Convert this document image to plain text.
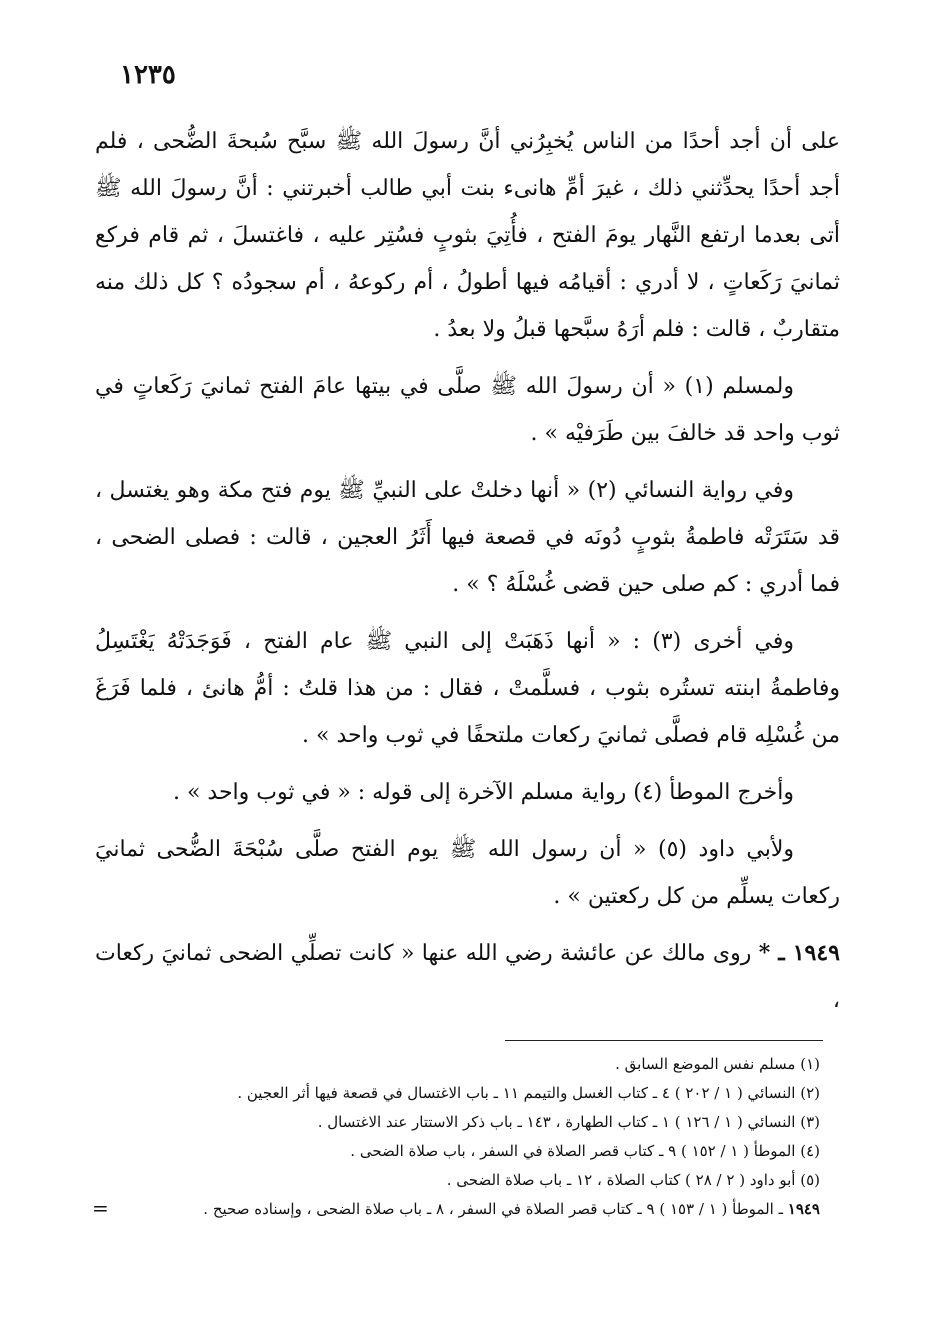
١٢٣٥

على أن أجد أحدًا من الناس يُخبِرُني أنَّ رسولَ الله ﷺ سبَّح سُبحةَ الضُّحى ، فلم أجد أحدًا يحدِّثني ذلك ، غيرَ أمِّ هانىء بنت أبي طالب أخبرتني : أنَّ رسولَ الله ﷺ أتى بعدما ارتفع النَّهار يومَ الفتح ، فأُتِيَ بثوبٍ فسُتِر عليه ، فاغتسلَ ، ثم قام فركع ثمانيَ رَكَعاتٍ ، لا أدري : أقيامُه فيها أطولُ ، أم ركوعهُ ، أم سجودُه ؟ كل ذلك منه متقاربٌ ، قالت : فلم أرَهُ سبَّحها قبلُ ولا بعدُ .

ولمسلم (١) « أن رسولَ الله ﷺ صلَّى في بيتها عامَ الفتح ثمانيَ رَكَعاتٍ في ثوب واحد قد خالفَ بين طَرَفيْه » .

وفي رواية النسائي (٢) « أنها دخلتْ على النبيِّ ﷺ يوم فتح مكة وهو يغتسل ، قد سَتَرَتْه فاطمةُ بثوبٍ دُونَه في قصعة فيها أَثَرُ العجين ، قالت : فصلى الضحى ، فما أدري : كم صلى حين قضى غُسْلَهُ ؟ » .

وفي أخرى (٣) : « أنها ذَهَبَتْ إلى النبي ﷺ عام الفتح ، فَوَجَدَتْهُ يَغْتَسِلُ وفاطمةُ ابنته تستُره بثوب ، فسلَّمتْ ، فقال : من هذا قلتُ : أمُّ هانئ ، فلما فَرَغَ من غُسْلِه قام فصلَّى ثمانيَ ركعات ملتحفًا في ثوب واحد » .

وأخرج الموطأ (٤) رواية مسلم الآخرة إلى قوله : « في ثوب واحد » .

ولأبي داود (٥) « أن رسول الله ﷺ يوم الفتح صلَّى سُبْحَةَ الضُّحى ثمانيَ ركعات يسلِّم من كل ركعتين » .

١٩٤٩ ـ * روى مالك عن عائشة رضي الله عنها « كانت تصلِّي الضحى ثمانيَ ركعات ،

(١) مسلم نفس الموضع السابق .

(٢) النسائي ( ١ / ٢٠٢ ) ٤ ـ كتاب الغسل والتيمم ١١ ـ باب الاغتسال في قصعة فيها أثر العجين .

(٣) النسائي ( ١ / ١٢٦ ) ١ ـ كتاب الطهارة ، ١٤٣ ـ باب ذكر الاستتار عند الاغتسال .

(٤) الموطأ ( ١ / ١٥٢ ) ٩ ـ كتاب قصر الصلاة في السفر ، باب صلاة الضحى .

(٥) أبو داود ( ٢ / ٢٨ ) كتاب الصلاة ، ١٢ ـ باب صلاة الضحى .

١٩٤٩ ـ الموطأ ( ١ / ١٥٣ ) ٩ ـ كتاب قصر الصلاة في السفر ، ٨ ـ باب صلاة الضحى ، وإسناده صحيح .

=
